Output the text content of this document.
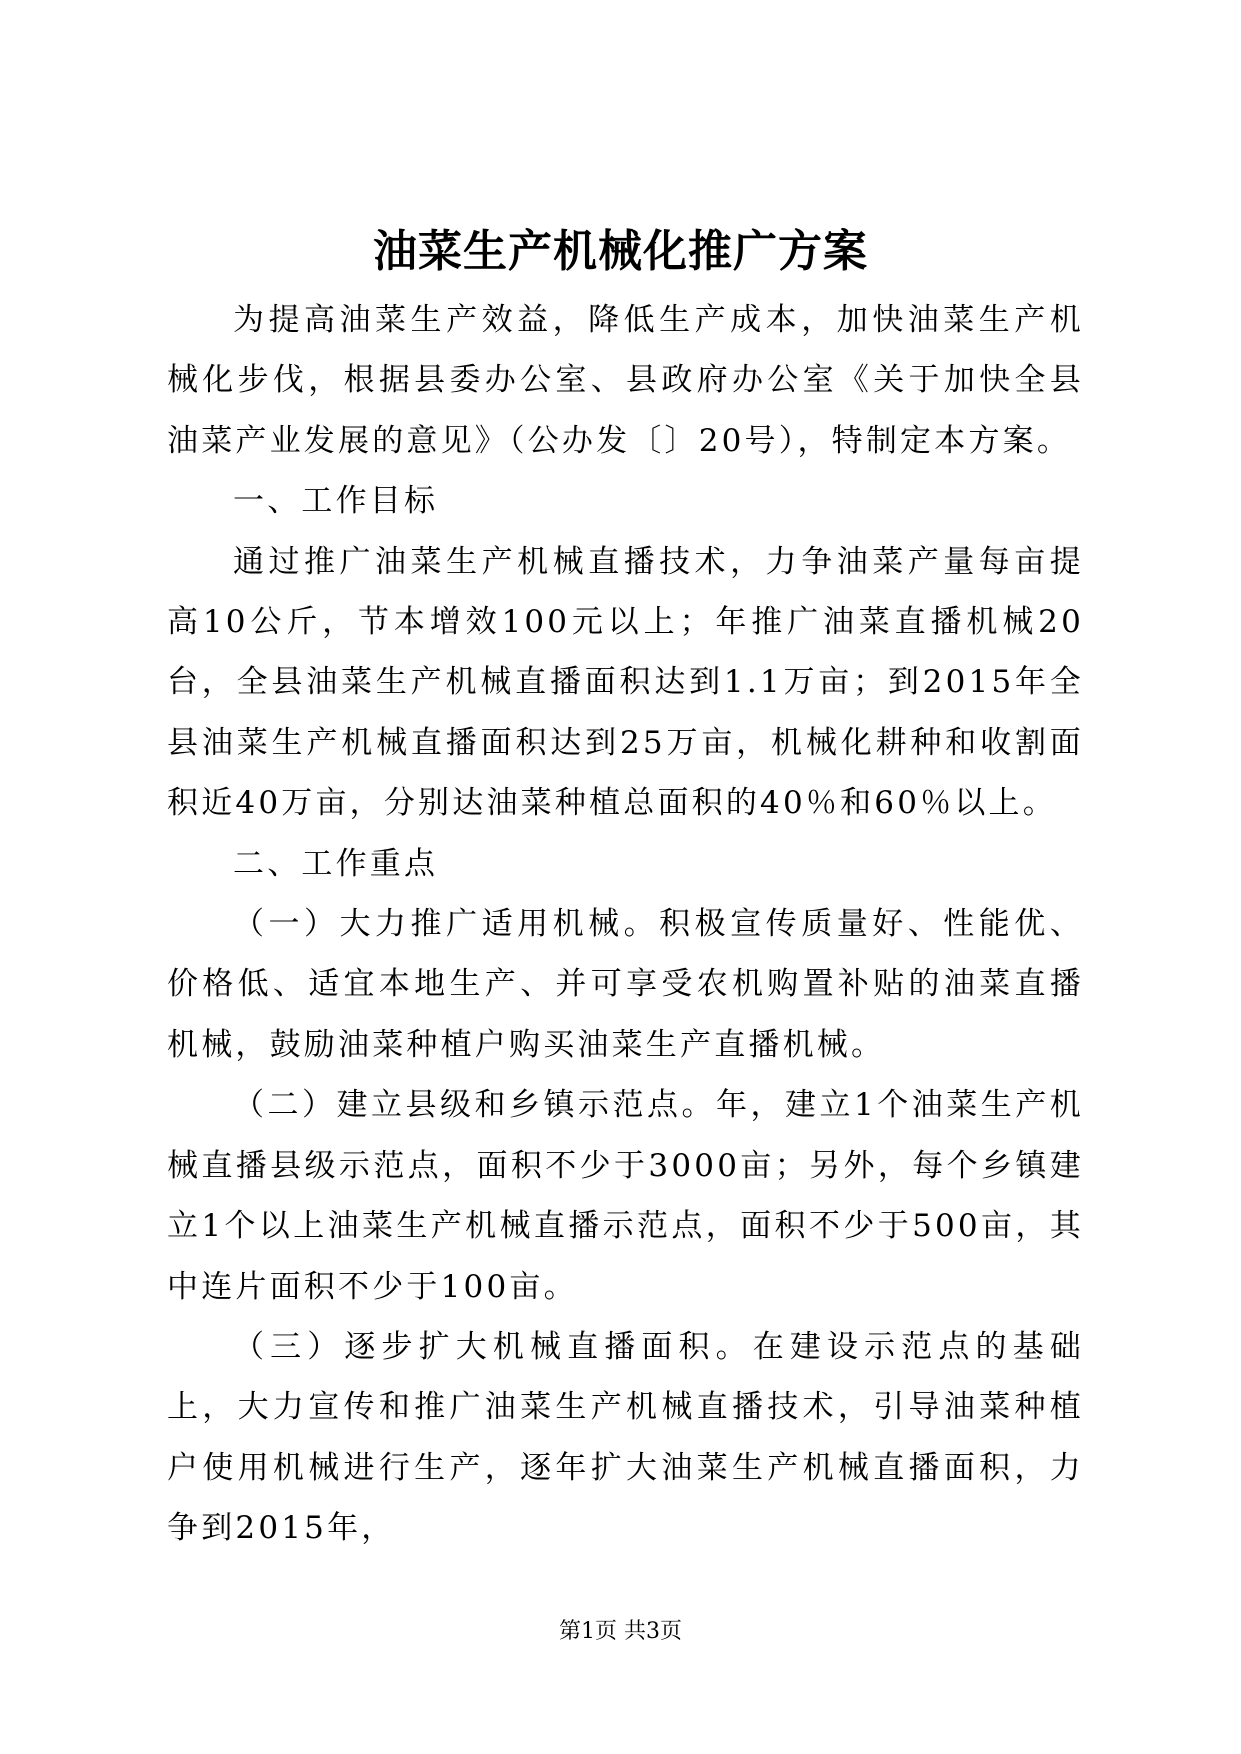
油菜生产机械化推广方案

为提高油菜生产效益，降低生产成本，加快油菜生产机械化步伐，根据县委办公室、县政府办公室《关于加快全县油菜产业发展的意见》（公办发〔〕20号），特制定本方案。

一、工作目标

通过推广油菜生产机械直播技术，力争油菜产量每亩提高10公斤，节本增效100元以上；年推广油菜直播机械20台，全县油菜生产机械直播面积达到1.1万亩；到2015年全县油菜生产机械直播面积达到25万亩，机械化耕种和收割面积近40万亩，分别达油菜种植总面积的40％和60％以上。

二、工作重点

（一）大力推广适用机械。积极宣传质量好、性能优、价格低、适宜本地生产、并可享受农机购置补贴的油菜直播机械，鼓励油菜种植户购买油菜生产直播机械。

（二）建立县级和乡镇示范点。年，建立1个油菜生产机械直播县级示范点，面积不少于3000亩；另外，每个乡镇建立1个以上油菜生产机械直播示范点，面积不少于500亩，其中连片面积不少于100亩。

（三）逐步扩大机械直播面积。在建设示范点的基础上，大力宣传和推广油菜生产机械直播技术，引导油菜种植户使用机械进行生产，逐年扩大油菜生产机械直播面积，力争到2015年，

第1页 共3页
